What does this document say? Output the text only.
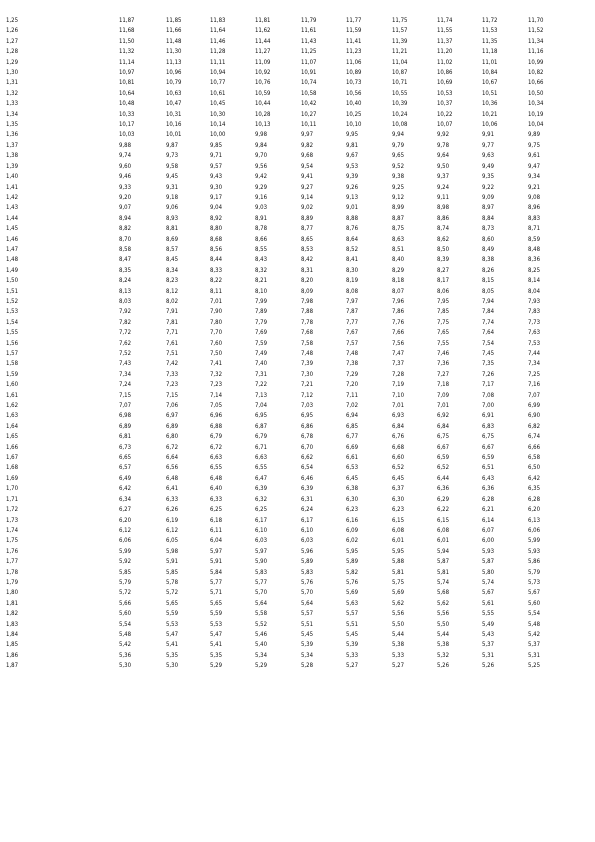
1,25	11,87	11,85	11,83	11,81	11,79	11,77	11,75	11,74	11,72	11,70
1,26	11,68	11,66	11,64	11,62	11,61	11,59	11,57	11,55	11,53	11,52
1,27	11,50	11,48	11,46	11,44	11,43	11,41	11,39	11,37	11,35	11,34
1,28	11,32	11,30	11,28	11,27	11,25	11,23	11,21	11,20	11,18	11,16
1,29	11,14	11,13	11,11	11,09	11,07	11,06	11,04	11,02	11,01	10,99
1,30	10,97	10,96	10,94	10,92	10,91	10,89	10,87	10,86	10,84	10,82
1,31	10,81	10,79	10,77	10,76	10,74	10,73	10,71	10,69	10,67	10,66
1,32	10,64	10,63	10,61	10,59	10,58	10,56	10,55	10,53	10,51	10,50
1,33	10,48	10,47	10,45	10,44	10,42	10,40	10,39	10,37	10,36	10,34
1,34	10,33	10,31	10,30	10,28	10,27	10,25	10,24	10,22	10,21	10,19
1,35	10,17	10,16	10,14	10,13	10,11	10,10	10,08	10,07	10,06	10,04
1,36	10,03	10,01	10,00	9,98	9,97	9,95	9,94	9,92	9,91	9,89
1,37	9,88	9,87	9,85	9,84	9,82	9,81	9,79	9,78	9,77	9,75
1,38	9,74	9,73	9,71	9,70	9,68	9,67	9,65	9,64	9,63	9,61
1,39	9,60	9,58	9,57	9,56	9,54	9,53	9,52	9,50	9,49	9,47
1,40	9,46	9,45	9,43	9,42	9,41	9,39	9,38	9,37	9,35	9,34
1,41	9,33	9,31	9,30	9,29	9,27	9,26	9,25	9,24	9,22	9,21
1,42	9,20	9,18	9,17	9,16	9,14	9,13	9,12	9,11	9,09	9,08
1,43	9,07	9,06	9,04	9,03	9,02	9,01	8,99	8,98	8,97	8,96
1,44	8,94	8,93	8,92	8,91	8,89	8,88	8,87	8,86	8,84	8,83
1,45	8,82	8,81	8,80	8,78	8,77	8,76	8,75	8,74	8,73	8,71
1,46	8,70	8,69	8,68	8,66	8,65	8,64	8,63	8,62	8,60	8,59
1,47	8,58	8,57	8,56	8,55	8,53	8,52	8,51	8,50	8,49	8,48
1,48	8,47	8,45	8,44	8,43	8,42	8,41	8,40	8,39	8,38	8,36
1,49	8,35	8,34	8,33	8,32	8,31	8,30	8,29	8,27	8,26	8,25
1,50	8,24	8,23	8,22	8,21	8,20	8,19	8,18	8,17	8,15	8,14
1,51	8,13	8,12	8,11	8,10	8,09	8,08	8,07	8,06	8,05	8,04
1,52	8,03	8,02	7,01	7,99	7,98	7,97	7,96	7,95	7,94	7,93
1,53	7,92	7,91	7,90	7,89	7,88	7,87	7,86	7,85	7,84	7,83
1,54	7,82	7,81	7,80	7,79	7,78	7,77	7,76	7,75	7,74	7,73
1,55	7,72	7,71	7,70	7,69	7,68	7,67	7,66	7,65	7,64	7,63
1,56	7,62	7,61	7,60	7,59	7,58	7,57	7,56	7,55	7,54	7,53
1,57	7,52	7,51	7,50	7,49	7,48	7,48	7,47	7,46	7,45	7,44
1,58	7,43	7,42	7,41	7,40	7,39	7,38	7,37	7,36	7,35	7,34
1,59	7,34	7,33	7,32	7,31	7,30	7,29	7,28	7,27	7,26	7,25
1,60	7,24	7,23	7,23	7,22	7,21	7,20	7,19	7,18	7,17	7,16
1,61	7,15	7,15	7,14	7,13	7,12	7,11	7,10	7,09	7,08	7,07
1,62	7,07	7,06	7,05	7,04	7,03	7,02	7,01	7,01	7,00	6,99
1,63	6,98	6,97	6,96	6,95	6,95	6,94	6,93	6,92	6,91	6,90
1,64	6,89	6,89	6,88	6,87	6,86	6,85	6,84	6,84	6,83	6,82
1,65	6,81	6,80	6,79	6,79	6,78	6,77	6,76	6,75	6,75	6,74
1,66	6,73	6,72	6,72	6,71	6,70	6,69	6,68	6,67	6,67	6,66
1,67	6,65	6,64	6,63	6,63	6,62	6,61	6,60	6,59	6,59	6,58
1,68	6,57	6,56	6,55	6,55	6,54	6,53	6,52	6,52	6,51	6,50
1,69	6,49	6,48	6,48	6,47	6,46	6,45	6,45	6,44	6,43	6,42
1,70	6,42	6,41	6,40	6,39	6,39	6,38	6,37	6,36	6,36	6,35
1,71	6,34	6,33	6,33	6,32	6,31	6,30	6,30	6,29	6,28	6,28
1,72	6,27	6,26	6,25	6,25	6,24	6,23	6,23	6,22	6,21	6,20
1,73	6,20	6,19	6,18	6,17	6,17	6,16	6,15	6,15	6,14	6,13
1,74	6,12	6,12	6,11	6,10	6,10	6,09	6,08	6,08	6,07	6,06
1,75	6,06	6,05	6,04	6,03	6,03	6,02	6,01	6,01	6,00	5,99
1,76	5,99	5,98	5,97	5,97	5,96	5,95	5,95	5,94	5,93	5,93
1,77	5,92	5,91	5,91	5,90	5,89	5,89	5,88	5,87	5,87	5,86
1,78	5,85	5,85	5,84	5,83	5,83	5,82	5,81	5,81	5,80	5,79
1,79	5,79	5,78	5,77	5,77	5,76	5,76	5,75	5,74	5,74	5,73
1,80	5,72	5,72	5,71	5,70	5,70	5,69	5,69	5,68	5,67	5,67
1,81	5,66	5,65	5,65	5,64	5,64	5,63	5,62	5,62	5,61	5,60
1,82	5,60	5,59	5,59	5,58	5,57	5,57	5,56	5,56	5,55	5,54
1,83	5,54	5,53	5,53	5,52	5,51	5,51	5,50	5,50	5,49	5,48
1,84	5,48	5,47	5,47	5,46	5,45	5,45	5,44	5,44	5,43	5,42
1,85	5,42	5,41	5,41	5,40	5,39	5,39	5,38	5,38	5,37	5,37
1,86	5,36	5,35	5,35	5,34	5,34	5,33	5,33	5,32	5,31	5,31
1,87	5,30	5,30	5,29	5,29	5,28	5,27	5,27	5,26	5,26	5,25
